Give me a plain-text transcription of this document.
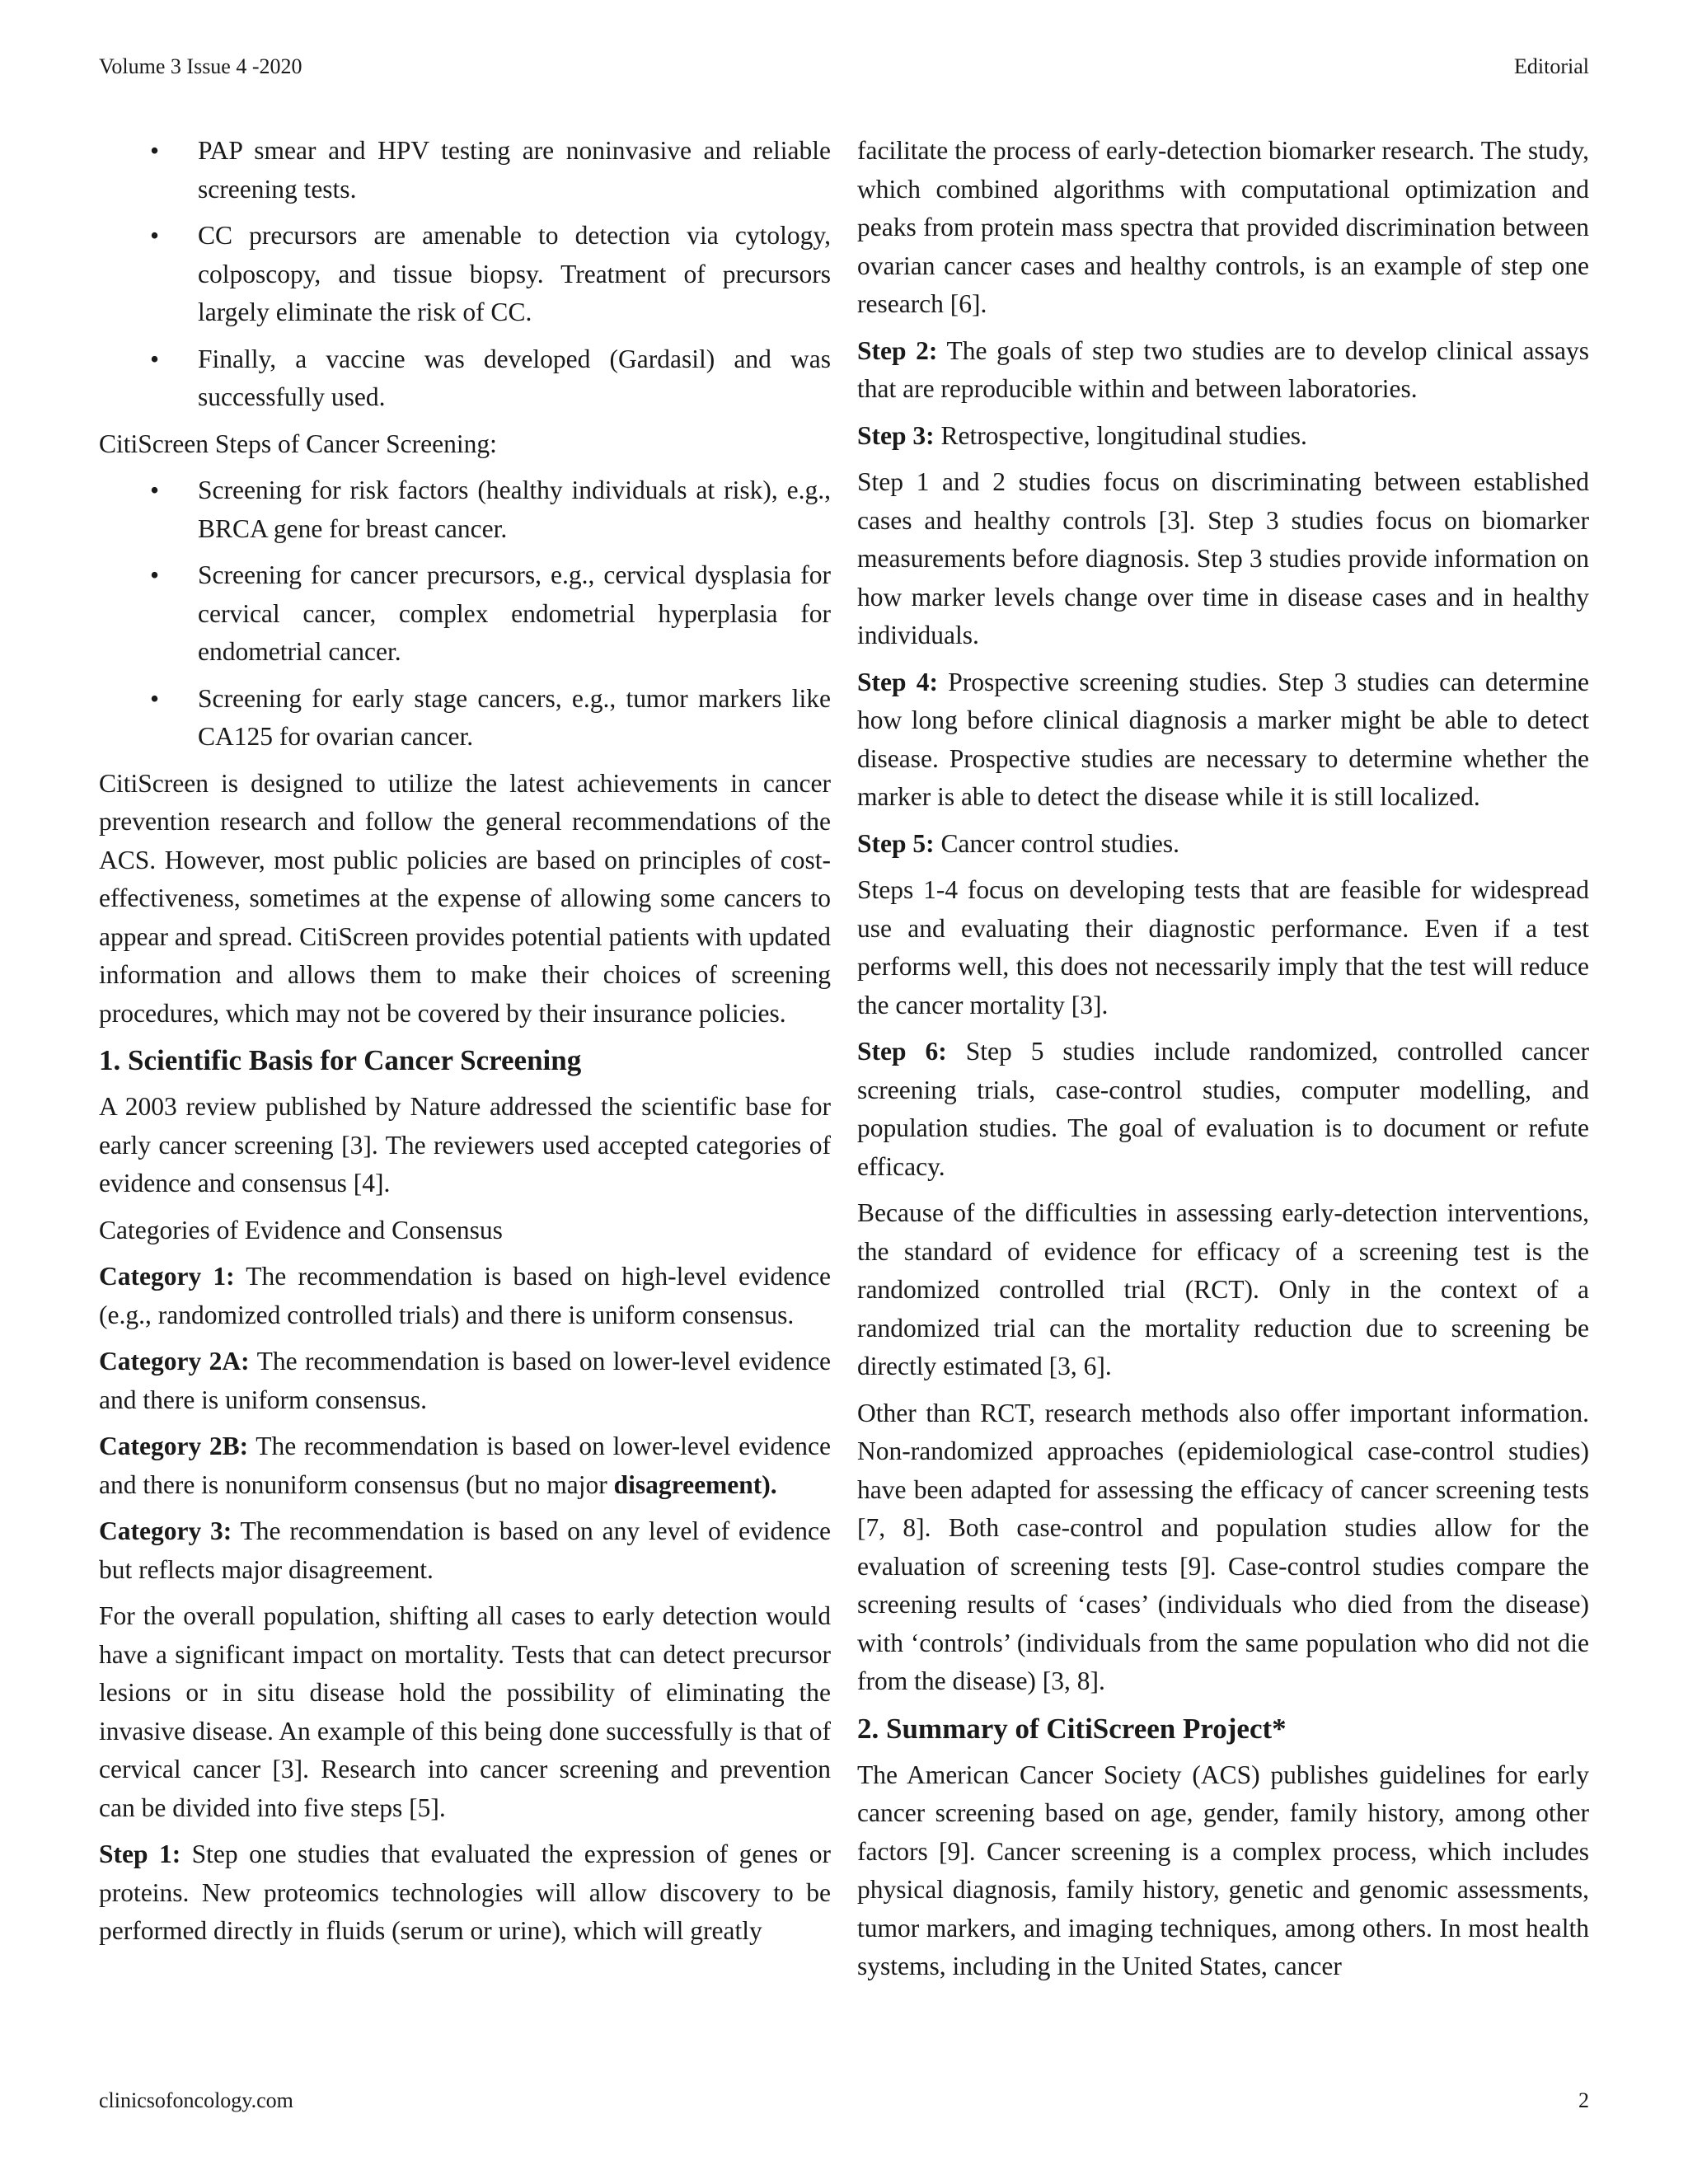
Volume 3 Issue 4 -2020	Editorial
• PAP smear and HPV testing are noninvasive and reliable screening tests.
• CC precursors are amenable to detection via cytology, colposcopy, and tissue biopsy. Treatment of precursors largely eliminate the risk of CC.
• Finally, a vaccine was developed (Gardasil) and was successfully used.

CitiScreen Steps of Cancer Screening:

• Screening for risk factors (healthy individuals at risk), e.g., BRCA gene for breast cancer.
• Screening for cancer precursors, e.g., cervical dysplasia for cervical cancer, complex endometrial hyperplasia for endometrial cancer.
• Screening for early stage cancers, e.g., tumor markers like CA125 for ovarian cancer.

CitiScreen is designed to utilize the latest achievements in cancer prevention research and follow the general recommendations of the ACS. However, most public policies are based on principles of cost-effectiveness, sometimes at the expense of allowing some cancers to appear and spread. CitiScreen provides potential patients with updated information and allows them to make their choices of screening procedures, which may not be covered by their insurance policies.

1. Scientific Basis for Cancer Screening

A 2003 review published by Nature addressed the scientific base for early cancer screening [3]. The reviewers used accepted categories of evidence and consensus [4].

Categories of Evidence and Consensus

Category 1: The recommendation is based on high-level evidence (e.g., randomized controlled trials) and there is uniform consensus.

Category 2A: The recommendation is based on lower-level evidence and there is uniform consensus.

Category 2B: The recommendation is based on lower-level evidence and there is nonuniform consensus (but no major disagreement).

Category 3: The recommendation is based on any level of evidence but reflects major disagreement.

For the overall population, shifting all cases to early detection would have a significant impact on mortality. Tests that can detect precursor lesions or in situ disease hold the possibility of eliminating the invasive disease. An example of this being done successfully is that of cervical cancer [3]. Research into cancer screening and prevention can be divided into five steps [5].

Step 1: Step one studies that evaluated the expression of genes or proteins. New proteomics technologies will allow discovery to be performed directly in fluids (serum or urine), which will greatly

facilitate the process of early-detection biomarker research. The study, which combined algorithms with computational optimization and peaks from protein mass spectra that provided discrimination between ovarian cancer cases and healthy controls, is an example of step one research [6].

Step 2: The goals of step two studies are to develop clinical assays that are reproducible within and between laboratories.

Step 3: Retrospective, longitudinal studies.

Step 1 and 2 studies focus on discriminating between established cases and healthy controls [3]. Step 3 studies focus on biomarker measurements before diagnosis. Step 3 studies provide information on how marker levels change over time in disease cases and in healthy individuals.

Step 4: Prospective screening studies. Step 3 studies can determine how long before clinical diagnosis a marker might be able to detect disease. Prospective studies are necessary to determine whether the marker is able to detect the disease while it is still localized.

Step 5: Cancer control studies.

Steps 1-4 focus on developing tests that are feasible for widespread use and evaluating their diagnostic performance. Even if a test performs well, this does not necessarily imply that the test will reduce the cancer mortality [3].

Step 6: Step 5 studies include randomized, controlled cancer screening trials, case-control studies, computer modelling, and population studies. The goal of evaluation is to document or refute efficacy.

Because of the difficulties in assessing early-detection interventions, the standard of evidence for efficacy of a screening test is the randomized controlled trial (RCT). Only in the context of a randomized trial can the mortality reduction due to screening be directly estimated [3, 6].

Other than RCT, research methods also offer important information. Non-randomized approaches (epidemiological case-control studies) have been adapted for assessing the efficacy of cancer screening tests [7, 8]. Both case-control and population studies allow for the evaluation of screening tests [9]. Case-control studies compare the screening results of ‘cases’ (individuals who died from the disease) with ‘controls’ (individuals from the same population who did not die from the disease) [3, 8].

2. Summary of CitiScreen Project*

The American Cancer Society (ACS) publishes guidelines for early cancer screening based on age, gender, family history, among other factors [9]. Cancer screening is a complex process, which includes physical diagnosis, family history, genetic and genomic assessments, tumor markers, and imaging techniques, among others. In most health systems, including in the United States, cancer

clinicsofoncology.com	2
